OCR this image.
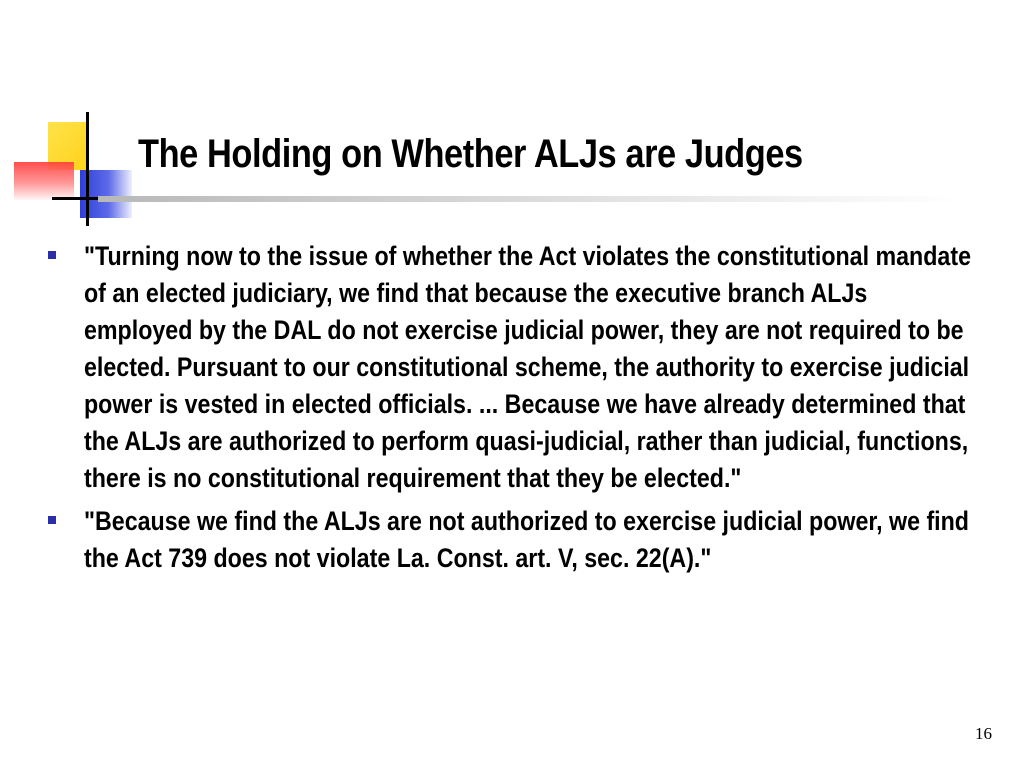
The Holding on Whether ALJs are Judges
"Turning now to the issue of whether the Act violates the constitutional mandate of an elected judiciary, we find that because the executive branch ALJs employed by the DAL do not exercise judicial power, they are not required to be elected. Pursuant to our constitutional scheme, the authority to exercise judicial power is vested in elected officials. ... Because we have already determined that the ALJs are authorized to perform quasi-judicial, rather than judicial, functions, there is no constitutional requirement that they be elected."
"Because we find the ALJs are not authorized to exercise judicial power, we find the Act 739 does not violate La. Const. art. V, sec. 22(A)."
16
